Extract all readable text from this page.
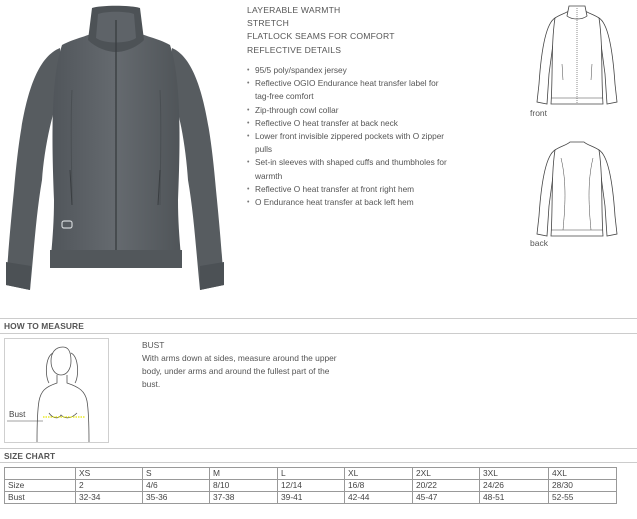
LAYERABLE WARMTH
STRETCH
FLATLOCK SEAMS FOR COMFORT
REFLECTIVE DETAILS
• 95/5 poly/spandex jersey
• Reflective OGIO Endurance heat transfer label for tag-free comfort
• Zip-through cowl collar
• Reflective O heat transfer at back neck
• Lower front invisible zippered pockets with O zipper pulls
• Set-in sleeves with shaped cuffs and thumbholes for warmth
• Reflective O heat transfer at front right hem
• O Endurance heat transfer at back left hem
front
back
HOW TO MEASURE
Bust
BUST
With arms down at sides, measure around the upper body, under arms and around the fullest part of the bust.
SIZE CHART
	XS	S	M	L	XL	2XL	3XL	4XL
Size	2	4/6	8/10	12/14	16/8	20/22	24/26	28/30
Bust	32-34	35-36	37-38	39-41	42-44	45-47	48-51	52-55
